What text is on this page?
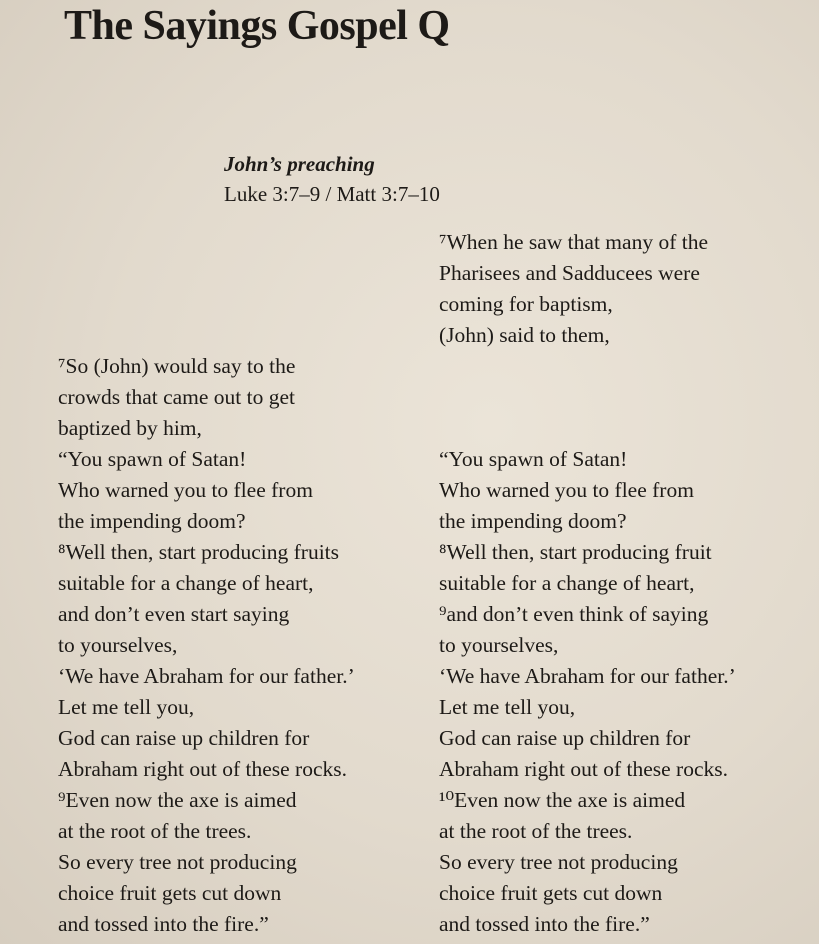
The Sayings Gospel Q
John’s preaching
Luke 3:7–9 / Matt 3:7–10
⁷So (John) would say to the
crowds that came out to get
baptized by him,
“You spawn of Satan!
Who warned you to flee from
the impending doom?
⁸Well then, start producing fruits
suitable for a change of heart,
and don’t even start saying
to yourselves,
‘We have Abraham for our father.’
Let me tell you,
God can raise up children for
Abraham right out of these rocks.
⁹Even now the axe is aimed
at the root of the trees.
So every tree not producing
choice fruit gets cut down
and tossed into the fire.”
⁷When he saw that many of the
Pharisees and Sadducees were
coming for baptism,
(John) said to them,
“You spawn of Satan!
Who warned you to flee from
the impending doom?
⁸Well then, start producing fruit
suitable for a change of heart,
⁹and don’t even think of saying
to yourselves,
‘We have Abraham for our father.’
Let me tell you,
God can raise up children for
Abraham right out of these rocks.
¹⁰Even now the axe is aimed
at the root of the trees.
So every tree not producing
choice fruit gets cut down
and tossed into the fire.”
